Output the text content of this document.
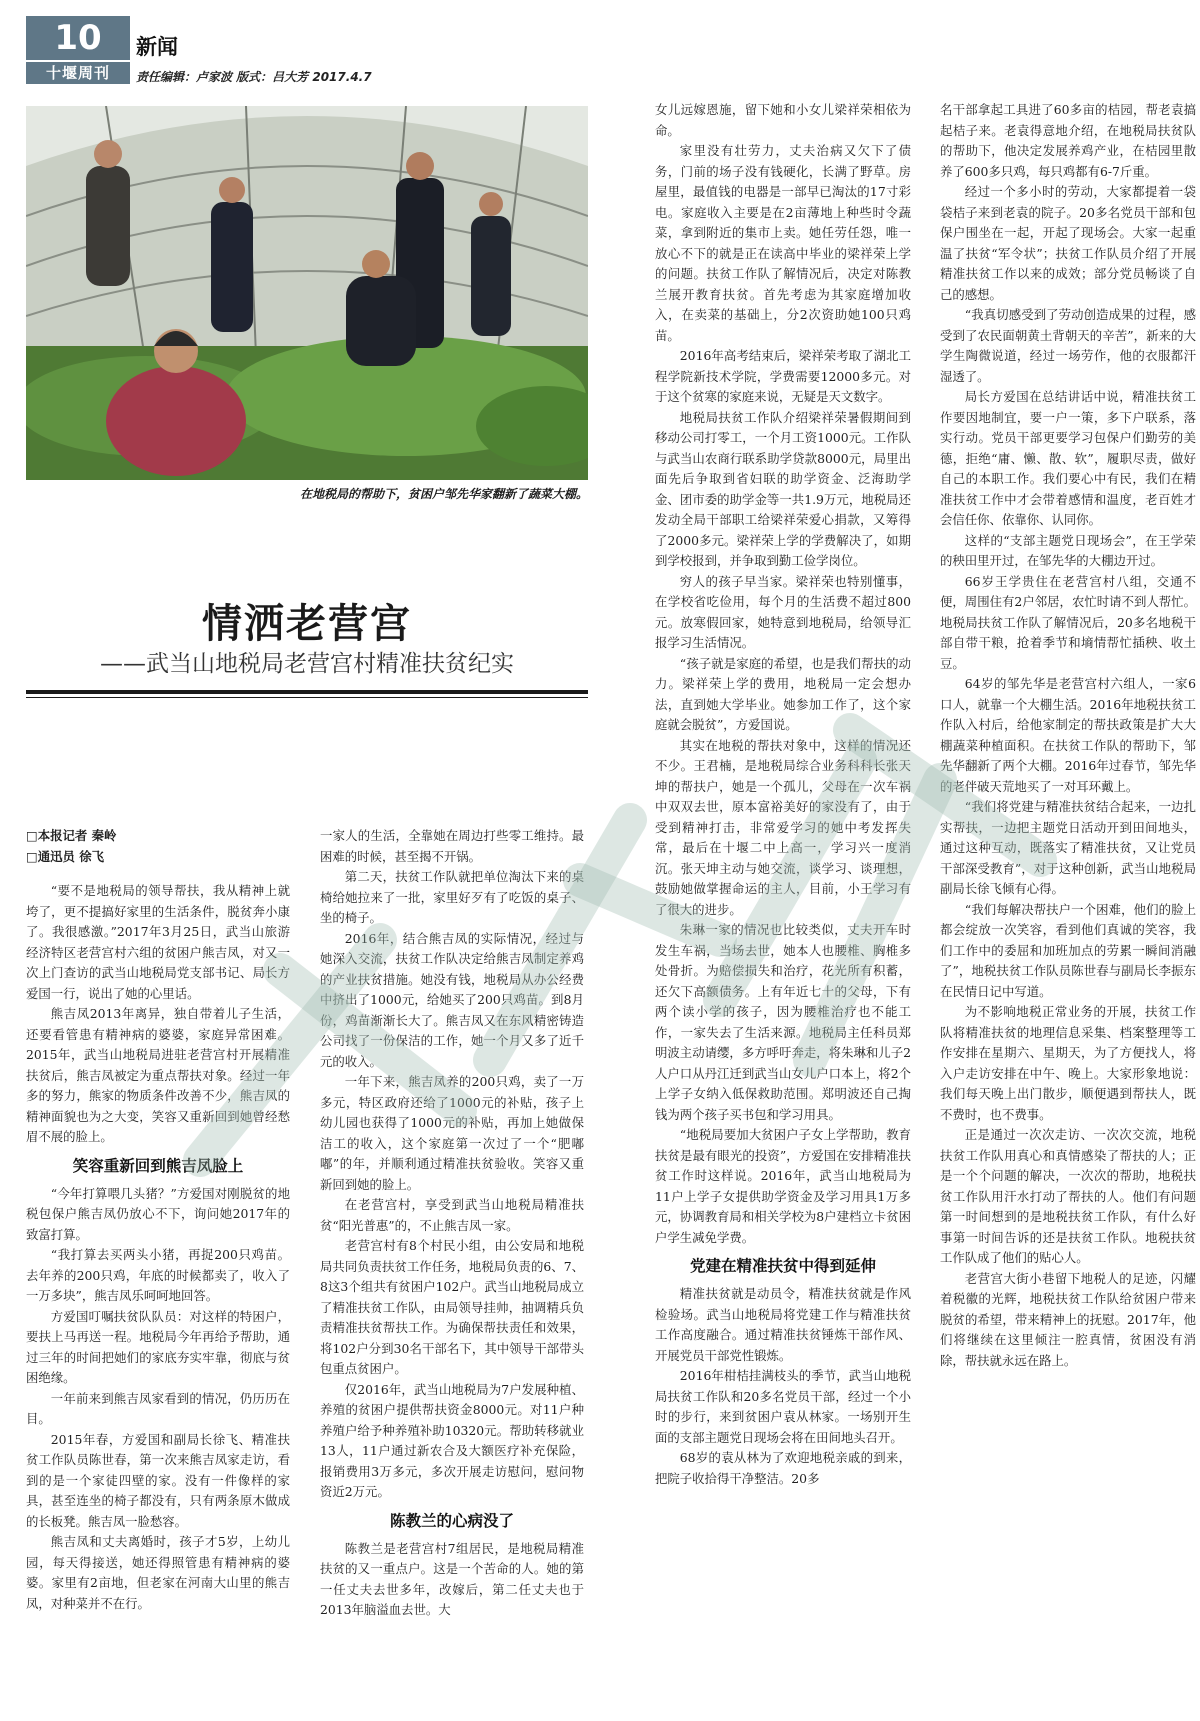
10
十堰周刊
新闻
责任编辑：卢家波 版式：吕大芳 2017.4.7
在地税局的帮助下，贫困户邹先华家翻新了蔬菜大棚。
情洒老营宫
——武当山地税局老营宫村精准扶贫纪实

□本报记者 秦岭

□通迅员 徐飞

“要不是地税局的领导帮扶，我从精神上就垮了，更不提搞好家里的生活条件，脱贫奔小康了。我很感激。”2017年3月25日，武当山旅游经济特区老营宫村六组的贫困户熊吉凤，对又一次上门查访的武当山地税局党支部书记、局长方爱国一行，说出了她的心里话。

熊吉凤2013年离异，独自带着儿子生活，还要看管患有精神病的婆婆，家庭异常困难。2015年，武当山地税局进驻老营宫村开展精准扶贫后，熊吉凤被定为重点帮扶对象。经过一年多的努力，熊家的物质条件改善不少，熊吉凤的精神面貌也为之大变，笑容又重新回到她曾经愁眉不展的脸上。

笑容重新回到熊吉凤脸上

“今年打算喂几头猪？”方爱国对刚脱贫的地税包保户熊吉凤仍放心不下，询问她2017年的致富打算。

“我打算去买两头小猪，再捉200只鸡苗。去年养的200只鸡，年底的时候都卖了，收入了一万多块”，熊吉凤乐呵呵地回答。

方爱国叮嘱扶贫队队员：对这样的特困户，要扶上马再送一程。地税局今年再给予帮助，通过三年的时间把她们的家底夯实牢靠，彻底与贫困绝缘。

一年前来到熊吉凤家看到的情况，仍历历在目。

2015年春，方爱国和副局长徐飞、精准扶贫工作队员陈世春，第一次来熊吉凤家走访，看到的是一个家徒四壁的家。没有一件像样的家具，甚至连坐的椅子都没有，只有两条原木做成的长板凳。熊吉凤一脸愁容。

熊吉凤和丈夫离婚时，孩子才5岁，上幼儿园，每天得接送，她还得照管患有精神病的婆婆。家里有2亩地，但老家在河南大山里的熊吉凤，对种菜并不在行。

一家人的生活，全靠她在周边打些零工维持。最困难的时候，甚至揭不开锅。

第二天，扶贫工作队就把单位淘汰下来的桌椅给她拉来了一批，家里好歹有了吃饭的桌子、坐的椅子。

2016年，结合熊吉凤的实际情况，经过与她深入交流，扶贫工作队决定给熊吉凤制定养鸡的产业扶贫措施。她没有钱，地税局从办公经费中挤出了1000元，给她买了200只鸡苗。到8月份，鸡苗渐渐长大了。熊吉凤又在东风精密铸造公司找了一份保洁的工作，她一个月又多了近千元的收入。

一年下来，熊吉凤养的200只鸡，卖了一万多元，特区政府还给了1000元的补贴，孩子上幼儿园也获得了1000元的补贴，再加上她做保洁工的收入，这个家庭第一次过了一个“肥嘟嘟”的年，并顺利通过精准扶贫验收。笑容又重新回到她的脸上。

在老营宫村，享受到武当山地税局精准扶贫“阳光普惠”的，不止熊吉凤一家。

老营宫村有8个村民小组，由公安局和地税局共同负责扶贫工作任务，地税局负责的6、7、8这3个组共有贫困户102户。武当山地税局成立了精准扶贫工作队，由局领导挂帅，抽调精兵负责精准扶贫帮扶工作。为确保帮扶责任和效果，将102户分到30名干部名下，其中领导干部带头包重点贫困户。

仅2016年，武当山地税局为7户发展种植、养殖的贫困户提供帮扶资金8000元。对11户种养殖户给予种养殖补助10320元。帮助转移就业13人，11户通过新农合及大额医疗补充保险，报销费用3万多元，多次开展走访慰问，慰问物资近2万元。

陈教兰的心病没了

陈教兰是老营宫村7组居民，是地税局精准扶贫的又一重点户。这是一个苦命的人。她的第一任丈夫去世多年，改嫁后，第二任丈夫也于2013年脑溢血去世。大

女儿远嫁恩施，留下她和小女儿梁祥荣相依为命。

家里没有壮劳力，丈夫治病又欠下了债务，门前的场子没有钱硬化，长满了野草。房屋里，最值钱的电器是一部早已淘汰的17寸彩电。家庭收入主要是在2亩薄地上种些时令蔬菜，拿到附近的集市上卖。她任劳任怨，唯一放心不下的就是正在读高中毕业的梁祥荣上学的问题。扶贫工作队了解情况后，决定对陈教兰展开教育扶贫。首先考虑为其家庭增加收入，在卖菜的基础上，分2次资助她100只鸡苗。

2016年高考结束后，梁祥荣考取了湖北工程学院新技术学院，学费需要12000多元。对于这个贫寒的家庭来说，无疑是天文数字。

地税局扶贫工作队介绍梁祥荣暑假期间到移动公司打零工，一个月工资1000元。工作队与武当山农商行联系助学贷款8000元，局里出面先后争取到省妇联的助学资金、泛海助学金、团市委的助学金等一共1.9万元，地税局还发动全局干部职工给梁祥荣爱心捐款，又筹得了2000多元。梁祥荣上学的学费解决了，如期到学校报到，并争取到勤工俭学岗位。

穷人的孩子早当家。梁祥荣也特别懂事，在学校省吃俭用，每个月的生活费不超过800元。放寒假回家，她特意到地税局，给领导汇报学习生活情况。

“孩子就是家庭的希望，也是我们帮扶的动力。梁祥荣上学的费用，地税局一定会想办法，直到她大学毕业。她参加工作了，这个家庭就会脱贫”，方爱国说。

其实在地税的帮扶对象中，这样的情况还不少。王君楠，是地税局综合业务科科长张天坤的帮扶户，她是一个孤儿，父母在一次车祸中双双去世，原本富裕美好的家没有了，由于受到精神打击，非常爱学习的她中考发挥失常，最后在十堰二中上高一，学习兴一度消沉。张天坤主动与她交流，谈学习、谈理想，鼓励她做掌握命运的主人，目前，小王学习有了很大的进步。

朱琳一家的情况也比较类似，丈夫开车时发生车祸，当场去世，她本人也腰椎、胸椎多处骨折。为赔偿损失和治疗，花光所有积蓄，还欠下高额债务。上有年近七十的父母，下有两个读小学的孩子，因为腰椎治疗也不能工作，一家失去了生活来源。地税局主任科员郑明波主动请缨，多方呼吁奔走，将朱琳和儿子2人户口从丹江迁到武当山女儿户口本上，将2个上学子女纳入低保救助范围。郑明波还自己掏钱为两个孩子买书包和学习用具。

“地税局要加大贫困户子女上学帮助，教育扶贫是最有眼光的投资”，方爱国在安排精准扶贫工作时这样说。2016年，武当山地税局为11户上学子女提供助学资金及学习用具1万多元，协调教育局和相关学校为8户建档立卡贫困户学生减免学费。

党建在精准扶贫中得到延伸

精准扶贫就是动员令，精准扶贫就是作风检验场。武当山地税局将党建工作与精准扶贫工作高度融合。通过精准扶贫锤炼干部作风、开展党员干部党性锻炼。

2016年柑桔挂满枝头的季节，武当山地税局扶贫工作队和20多名党员干部，经过一个小时的步行，来到贫困户袁从林家。一场别开生面的支部主题党日现场会将在田间地头召开。

68岁的袁从林为了欢迎地税亲戚的到来，把院子收拾得干净整洁。20多

名干部拿起工具进了60多亩的桔园，帮老袁搞起桔子来。老袁得意地介绍，在地税局扶贫队的帮助下，他决定发展养鸡产业，在桔园里散养了600多只鸡，每只鸡都有6-7斤重。

经过一个多小时的劳动，大家都提着一袋袋桔子来到老袁的院子。20多名党员干部和包保户围坐在一起，开起了现场会。大家一起重温了扶贫“军令状”；扶贫工作队员介绍了开展精准扶贫工作以来的成效；部分党员畅谈了自己的感想。

“我真切感受到了劳动创造成果的过程，感受到了农民面朝黄土背朝天的辛苦”，新来的大学生陶微说道，经过一场劳作，他的衣服都汗湿透了。

局长方爱国在总结讲话中说，精准扶贫工作要因地制宜，要一户一策，多下户联系，落实行动。党员干部更要学习包保户们勤劳的美德，拒绝“庸、懒、散、软”，履职尽责，做好自己的本职工作。我们要心中有民，我们在精准扶贫工作中才会带着感情和温度，老百姓才会信任你、依靠你、认同你。

这样的“支部主题党日现场会”，在王学荣的秧田里开过，在邹先华的大棚边开过。

66岁王学贵住在老营宫村八组，交通不便，周围住有2户邻居，农忙时请不到人帮忙。地税局扶贫工作队了解情况后，20多名地税干部自带干粮，抢着季节和墒情帮忙插秧、收土豆。

64岁的邹先华是老营宫村六组人，一家6口人，就靠一个大棚生活。2016年地税扶贫工作队入村后，给他家制定的帮扶政策是扩大大棚蔬菜种植面积。在扶贫工作队的帮助下，邹先华翻新了两个大棚。2016年过春节，邹先华的老伴破天荒地买了一对耳环戴上。

“我们将党建与精准扶贫结合起来，一边扎实帮扶，一边把主题党日活动开到田间地头，通过这种互动，既落实了精准扶贫，又让党员干部深受教育”，对于这种创新，武当山地税局副局长徐飞倾有心得。

“我们每解决帮扶户一个困难，他们的脸上都会绽放一次笑容，看到他们真诚的笑容，我们工作中的委屈和加班加点的劳累一瞬间消融了”，地税扶贫工作队员陈世春与副局长李振东在民情日记中写道。

为不影响地税正常业务的开展，扶贫工作队将精准扶贫的地理信息采集、档案整理等工作安排在星期六、星期天，为了方便找人，将入户走访安排在中午、晚上。大家形象地说：我们每天晚上出门散步，顺便遇到帮扶人，既不费时，也不费事。

正是通过一次次走访、一次次交流，地税扶贫工作队用真心和真情感染了帮扶的人；正是一个个问题的解决，一次次的帮助，地税扶贫工作队用汗水打动了帮扶的人。他们有问题第一时间想到的是地税扶贫工作队，有什么好事第一时间告诉的还是扶贫工作队。地税扶贫工作队成了他们的贴心人。

老营宫大街小巷留下地税人的足迹，闪耀着税徽的光辉，地税扶贫工作队给贫困户带来脱贫的希望，带来精神上的抚慰。2017年，他们将继续在这里倾注一腔真情，贫困没有消除，帮扶就永远在路上。
